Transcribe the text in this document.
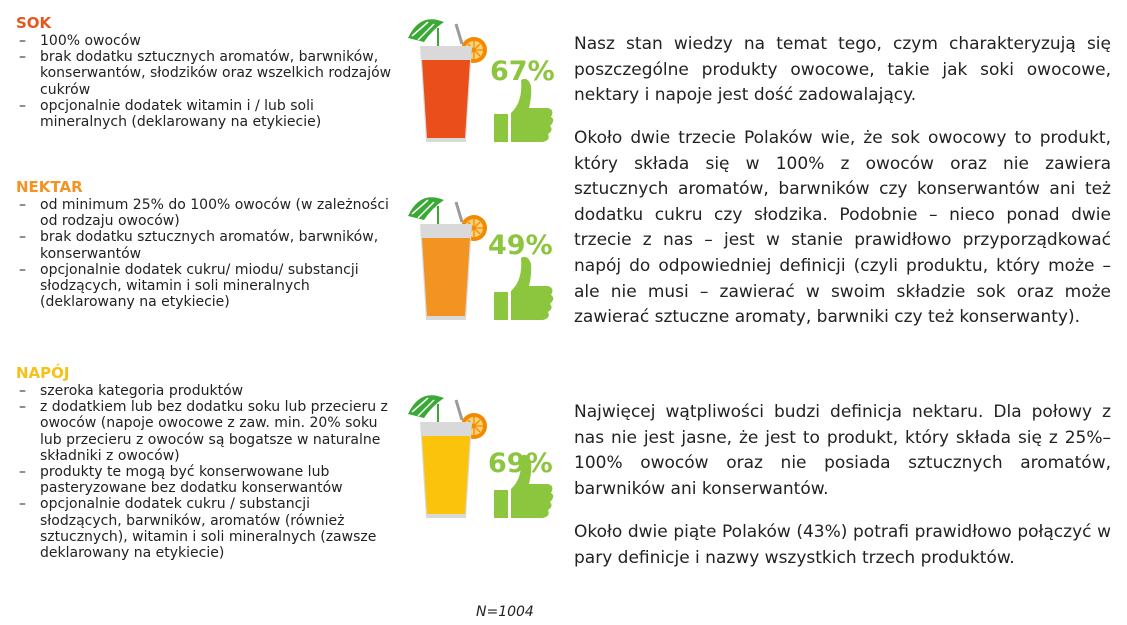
SOK
– 100% owoców
– brak dodatku sztucznych aromatów, barwników, konserwantów, słodzików oraz wszelkich rodzajów cukrów
– opcjonalnie dodatek witamin i / lub soli mineralnych (deklarowany na etykiecie)
NEKTAR
– od minimum 25% do 100% owoców (w zależności od rodzaju owoców)
– brak dodatku sztucznych aromatów, barwników, konserwantów
– opcjonalnie dodatek cukru/ miodu/ substancji słodzących, witamin i soli mineralnych (deklarowany na etykiecie)
NAPÓJ
– szeroka kategoria produktów
– z dodatkiem lub bez dodatku soku lub przecieru z owoców (napoje owocowe z zaw. min. 20% soku lub przecieru z owoców są bogatsze w naturalne składniki z owoców)
– produkty te mogą być konserwowane lub pasteryzowane bez dodatku konserwantów
– opcjonalnie dodatek cukru / substancji słodzących, barwników, aromatów (również sztucznych), witamin i soli mineralnych (zawsze deklarowany na etykiecie)
67%
49%
69%

Nasz stan wiedzy na temat tego, czym charakteryzują się poszczególne produkty owocowe, takie jak soki owocowe, nektary i napoje jest dość zadowalający.

Około dwie trzecie Polaków wie, że sok owocowy to produkt, który składa się w 100% z owoców oraz nie zawiera sztucznych aromatów, barwników czy konserwantów ani też dodatku cukru czy słodzika. Podobnie – nieco ponad dwie trzecie z nas – jest w stanie prawidłowo przyporządkować napój do odpowiedniej definicji (czyli produktu, który może – ale nie musi – zawierać w swoim składzie sok oraz może zawierać sztuczne aromaty, barwniki czy też konserwanty).

Najwięcej wątpliwości budzi definicja nektaru. Dla połowy z nas nie jest jasne, że jest to produkt, który składa się z 25%–100% owoców oraz nie posiada sztucznych aromatów, barwników ani konserwantów.

Około dwie piąte Polaków (43%) potrafi prawidłowo połączyć w pary definicje i nazwy wszystkich trzech produktów.

N=1004
